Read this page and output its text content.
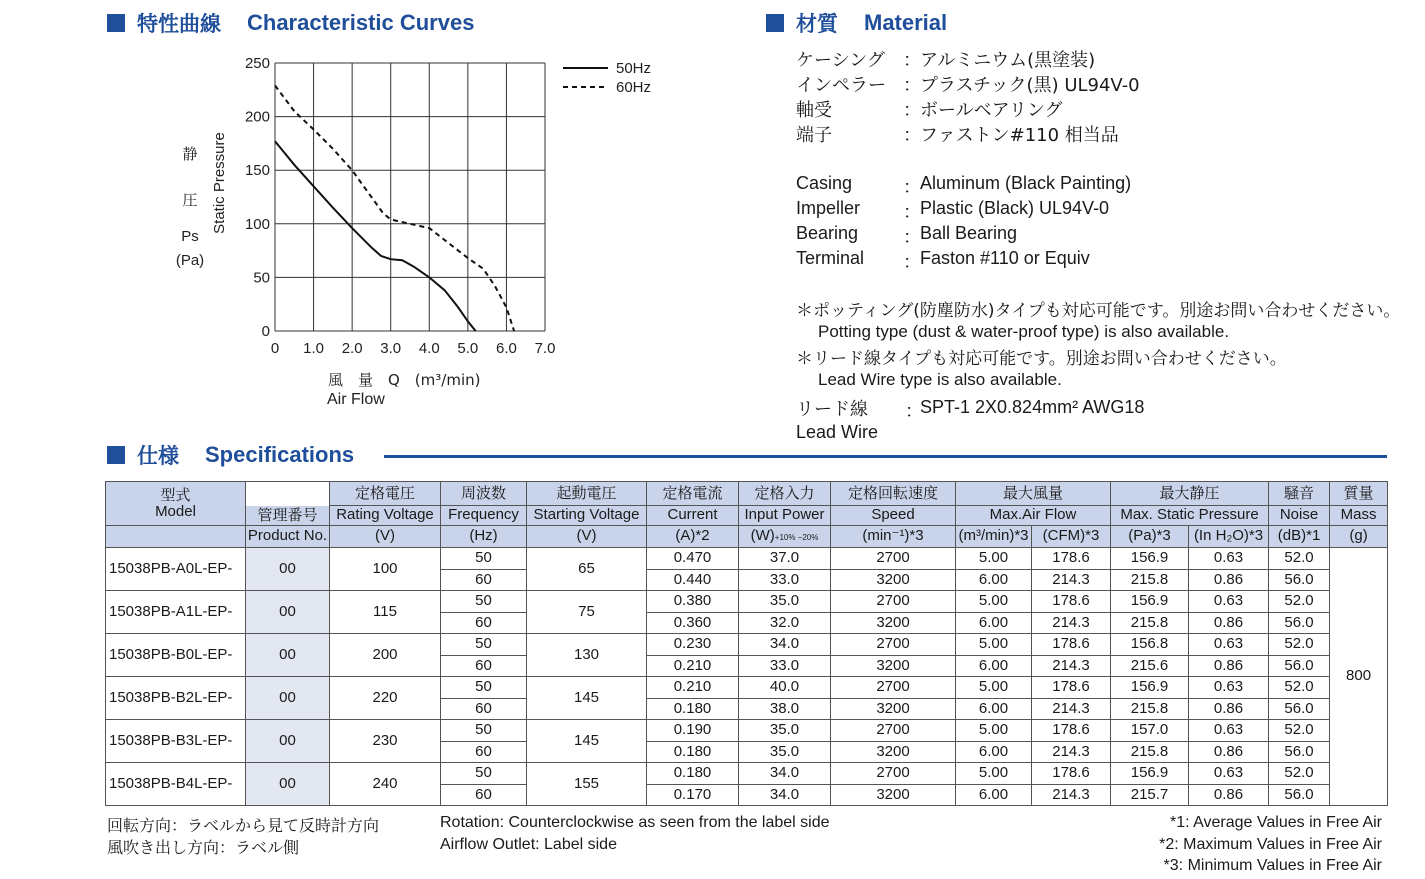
特性曲線 Characteristic Curves
0 1.0 2.0 3.0 4.0 5.0 6.0 7.0
0
50
100
150
200
250	50Hz
60Hz
静
圧
Ps
(Pa)
Static Pressure
風　量　Q　(m³/min)
Air Flow
材質 Material
ケーシング ： アルミニウム(黒塗装)
インペラー ： プラスチック(黒) UL94V-0
軸受	： ボールベアリング
端子	： ファストン#110 相当品
Casing	： Aluminum (Black Painting)
Impeller ： Plastic (Black) UL94V-0
Bearing ： Ball Bearing
Terminal ： Faston #110 or Equiv
＊ポッティング(防塵防水)タイプも対応可能です。別途お問い合わせください。
Potting type (dust & water-proof type) is also available.
＊リード線タイプも対応可能です。別途お問い合わせください。
Lead Wire type is also available.
リード線 ：
SPT-1 2X0.824mm² AWG18
Lead Wire
仕様 Specifications
型式
Model		定格電圧	周波数	起動電圧	定格電流	定格入力	定格回転速度	最大風量		最大静圧		騒音	質量

	管理番号	Rating Voltage	Frequency	Starting Voltage	Current	Input Power	Speed	Max.Air Flow		Max. Static Pressure		Noise	Mass
	Product No.	(V)	(Hz)	(V)	(A)*2	(W)+10% −20%	(min⁻¹)*3	(m³/min)*3	(CFM)*3	(Pa)*3	(In H₂O)*3	(dB)*1	(g)
15038PB-A0L-EP-	00	100	50	65	0.470	37.0	2700	5.00	178.6	156.9	0.63	52.0	800
			60		0.440	33.0	3200	6.00	214.3	215.8	0.86	56.0	
15038PB-A1L-EP-	00	115	50	75	0.380	35.0	2700	5.00	178.6	156.9	0.63	52.0	
			60		0.360	32.0	3200	6.00	214.3	215.8	0.86	56.0	
15038PB-B0L-EP-	00	200	50	130	0.230	34.0	2700	5.00	178.6	156.8	0.63	52.0	
			60		0.210	33.0	3200	6.00	214.3	215.6	0.86	56.0	
15038PB-B2L-EP-	00	220	50	145	0.210	40.0	2700	5.00	178.6	156.9	0.63	52.0	
			60		0.180	38.0	3200	6.00	214.3	215.8	0.86	56.0	
15038PB-B3L-EP-	00	230	50	145	0.190	35.0	2700	5.00	178.6	157.0	0.63	52.0	
			60		0.180	35.0	3200	6.00	214.3	215.8	0.86	56.0	
15038PB-B4L-EP-	00	240	50	155	0.180	34.0	2700	5.00	178.6	156.9	0.63	52.0	
			60		0.170	34.0	3200	6.00	214.3	215.7	0.86	56.0	
回転方向：ラベルから見て反時計方向
風吹き出し方向：ラベル側
Rotation: Counterclockwise as seen from the label side
Airflow Outlet: Label side
*1: Average Values in Free Air
*2: Maximum Values in Free Air
*3: Minimum Values in Free Air
